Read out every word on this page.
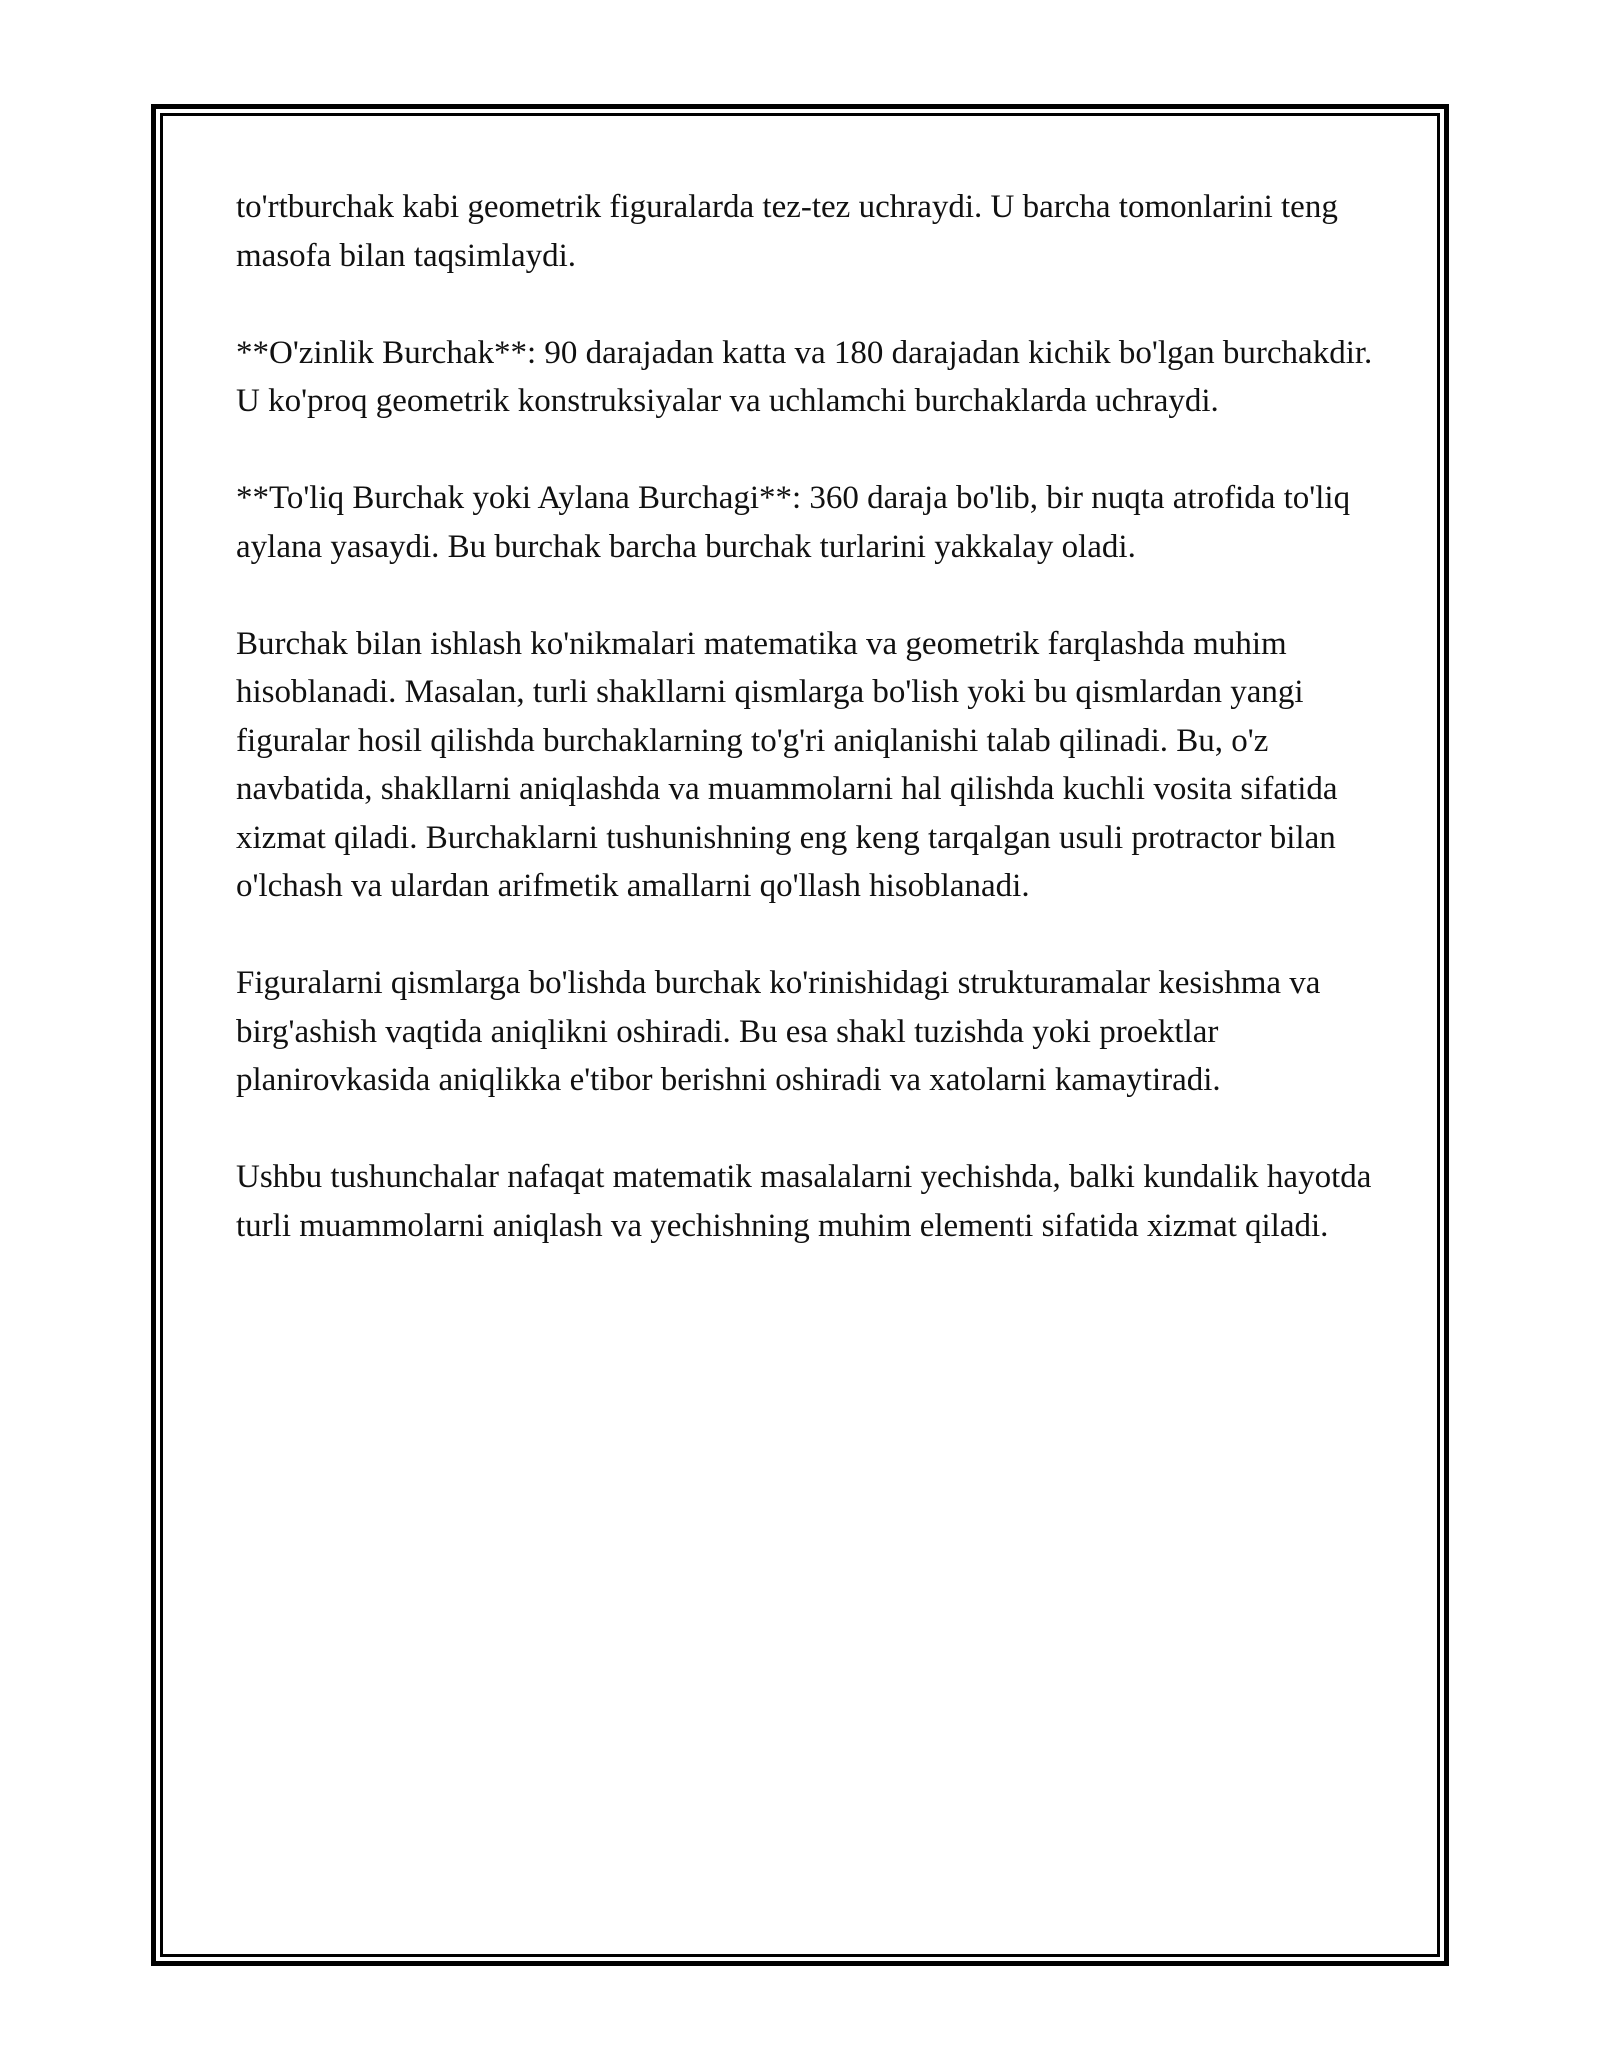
to'rtburchak kabi geometrik figuralarda tez-tez uchraydi. U barcha tomonlarini teng masofa bilan taqsimlaydi.

**O'zinlik Burchak**: 90 darajadan katta va 180 darajadan kichik bo'lgan burchakdir. U ko'proq geometrik konstruksiyalar va uchlamchi burchaklarda uchraydi.

**To'liq Burchak yoki Aylana Burchagi**: 360 daraja bo'lib, bir nuqta atrofida to'liq aylana yasaydi. Bu burchak barcha burchak turlarini yakkalay oladi.

Burchak bilan ishlash ko'nikmalari matematika va geometrik farqlashda muhim hisoblanadi. Masalan, turli shakllarni qismlarga bo'lish yoki bu qismlardan yangi figuralar hosil qilishda burchaklarning to'g'ri aniqlanishi talab qilinadi. Bu, o'z navbatida, shakllarni aniqlashda va muammolarni hal qilishda kuchli vosita sifatida xizmat qiladi. Burchaklarni tushunishning eng keng tarqalgan usuli protractor bilan o'lchash va ulardan arifmetik amallarni qo'llash hisoblanadi.

Figuralarni qismlarga bo'lishda burchak ko'rinishidagi strukturamalar kesishma va birg'ashish vaqtida aniqlikni oshiradi. Bu esa shakl tuzishda yoki proektlar planirovkasida aniqlikka e'tibor berishni oshiradi va xatolarni kamaytiradi.

Ushbu tushunchalar nafaqat matematik masalalarni yechishda, balki kundalik hayotda turli muammolarni aniqlash va yechishning muhim elementi sifatida xizmat qiladi.
